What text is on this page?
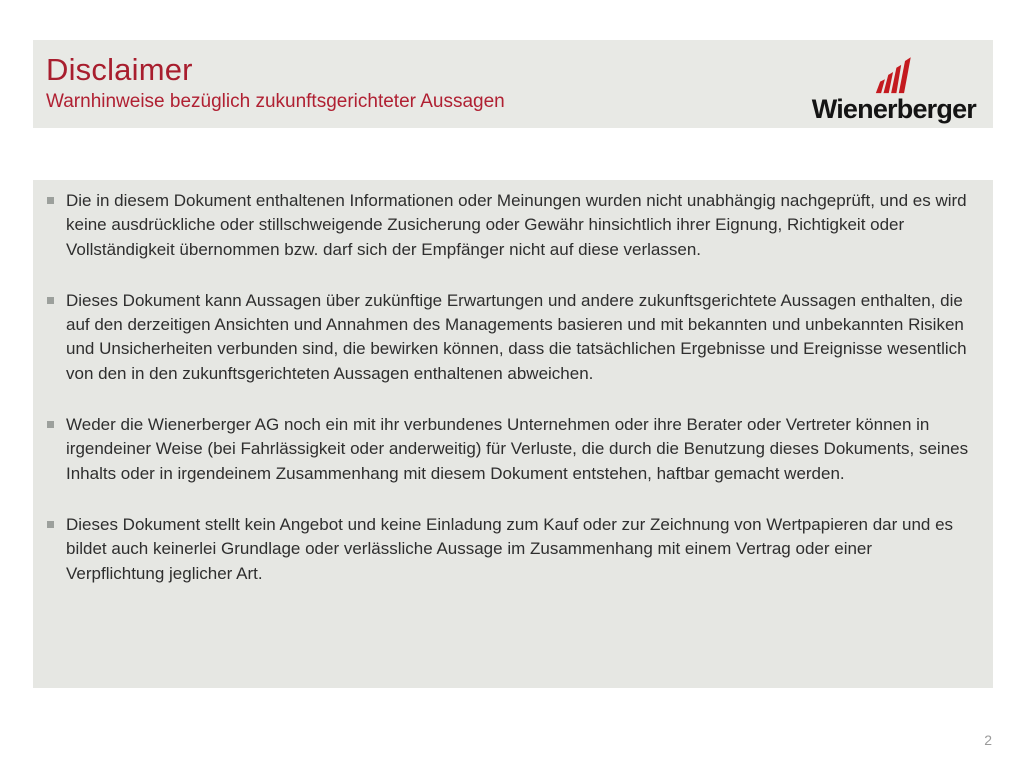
Disclaimer
Warnhinweise bezüglich zukunftsgerichteter Aussagen	Wienerberger
Die in diesem Dokument enthaltenen Informationen oder Meinungen wurden nicht unabhängig nachgeprüft, und es wird keine ausdrückliche oder stillschweigende Zusicherung oder Gewähr hinsichtlich ihrer Eignung, Richtigkeit oder Vollständigkeit übernommen bzw. darf sich der Empfänger nicht auf diese verlassen.
Dieses Dokument kann Aussagen über zukünftige Erwartungen und andere zukunftsgerichtete Aussagen enthalten, die auf den derzeitigen Ansichten und Annahmen des Managements basieren und mit bekannten und unbekannten Risiken und Unsicherheiten verbunden sind, die bewirken können, dass die tatsächlichen Ergebnisse und Ereignisse wesentlich von den in den zukunftsgerichteten Aussagen enthaltenen abweichen.
Weder die Wienerberger AG noch ein mit ihr verbundenes Unternehmen oder ihre Berater oder Vertreter können in irgendeiner Weise (bei Fahrlässigkeit oder anderweitig) für Verluste, die durch die Benutzung dieses Dokuments, seines Inhalts oder in irgendeinem Zusammenhang mit diesem Dokument entstehen, haftbar gemacht werden.
Dieses Dokument stellt kein Angebot und keine Einladung zum Kauf oder zur Zeichnung von Wertpapieren dar und es bildet auch keinerlei Grundlage oder verlässliche Aussage im Zusammenhang mit einem Vertrag oder einer Verpflichtung jeglicher Art.
2
